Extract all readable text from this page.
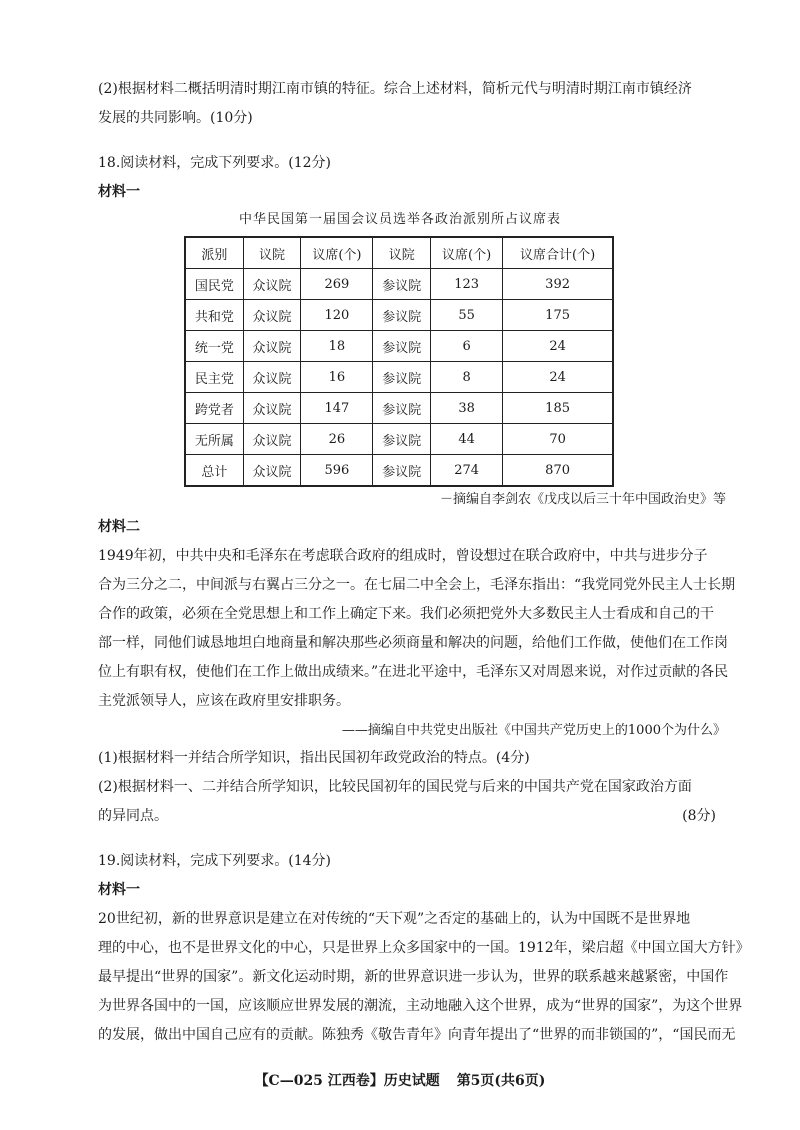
(2)根据材料二概括明清时期江南市镇的特征。综合上述材料，简析元代与明清时期江南市镇经济
发展的共同影响。(10分)
18.阅读材料，完成下列要求。(12分)
材料一
中华民国第一届国会议员选举各政治派别所占议席表
派别	议院	议席(个)	议院	议席(个)	议席合计(个)
国民党	众议院	269	参议院	123	392
共和党	众议院	120	参议院	55	175
统一党	众议院	18	参议院	6	24
民主党	众议院	16	参议院	8	24
跨党者	众议院	147	参议院	38	185
无所属	众议院	26	参议院	44	70
总计	众议院	596	参议院	274	870
－摘编自李剑农《戊戌以后三十年中国政治史》等
材料二
1949年初，中共中央和毛泽东在考虑联合政府的组成时，曾设想过在联合政府中，中共与进步分子
合为三分之二，中间派与右翼占三分之一。在七届二中全会上，毛泽东指出：“我党同党外民主人士长期
合作的政策，必须在全党思想上和工作上确定下来。我们必须把党外大多数民主人士看成和自己的干
部一样，同他们诚恳地坦白地商量和解决那些必须商量和解决的问题，给他们工作做，使他们在工作岗
位上有职有权，使他们在工作上做出成绩来。”在进北平途中，毛泽东又对周恩来说，对作过贡献的各民
主党派领导人，应该在政府里安排职务。
——摘编自中共党史出版社《中国共产党历史上的1000个为什么》
(1)根据材料一并结合所学知识，指出民国初年政党政治的特点。(4分)
(2)根据材料一、二并结合所学知识，比较民国初年的国民党与后来的中国共产党在国家政治方面
的异同点。	(8分)
19.阅读材料，完成下列要求。(14分)
材料一
20世纪初，新的世界意识是建立在对传统的“天下观”之否定的基础上的，认为中国既不是世界地
理的中心，也不是世界文化的中心，只是世界上众多国家中的一国。1912年，梁启超《中国立国大方针》
最早提出“世界的国家”。新文化运动时期，新的世界意识进一步认为，世界的联系越来越紧密，中国作
为世界各国中的一国，应该顺应世界发展的潮流，主动地融入这个世界，成为“世界的国家”，为这个世界
的发展，做出中国自己应有的贡献。陈独秀《敬告青年》向青年提出了“世界的而非锁国的”，“国民而无
【C—025 江西卷】历史试题 第5页(共6页)
